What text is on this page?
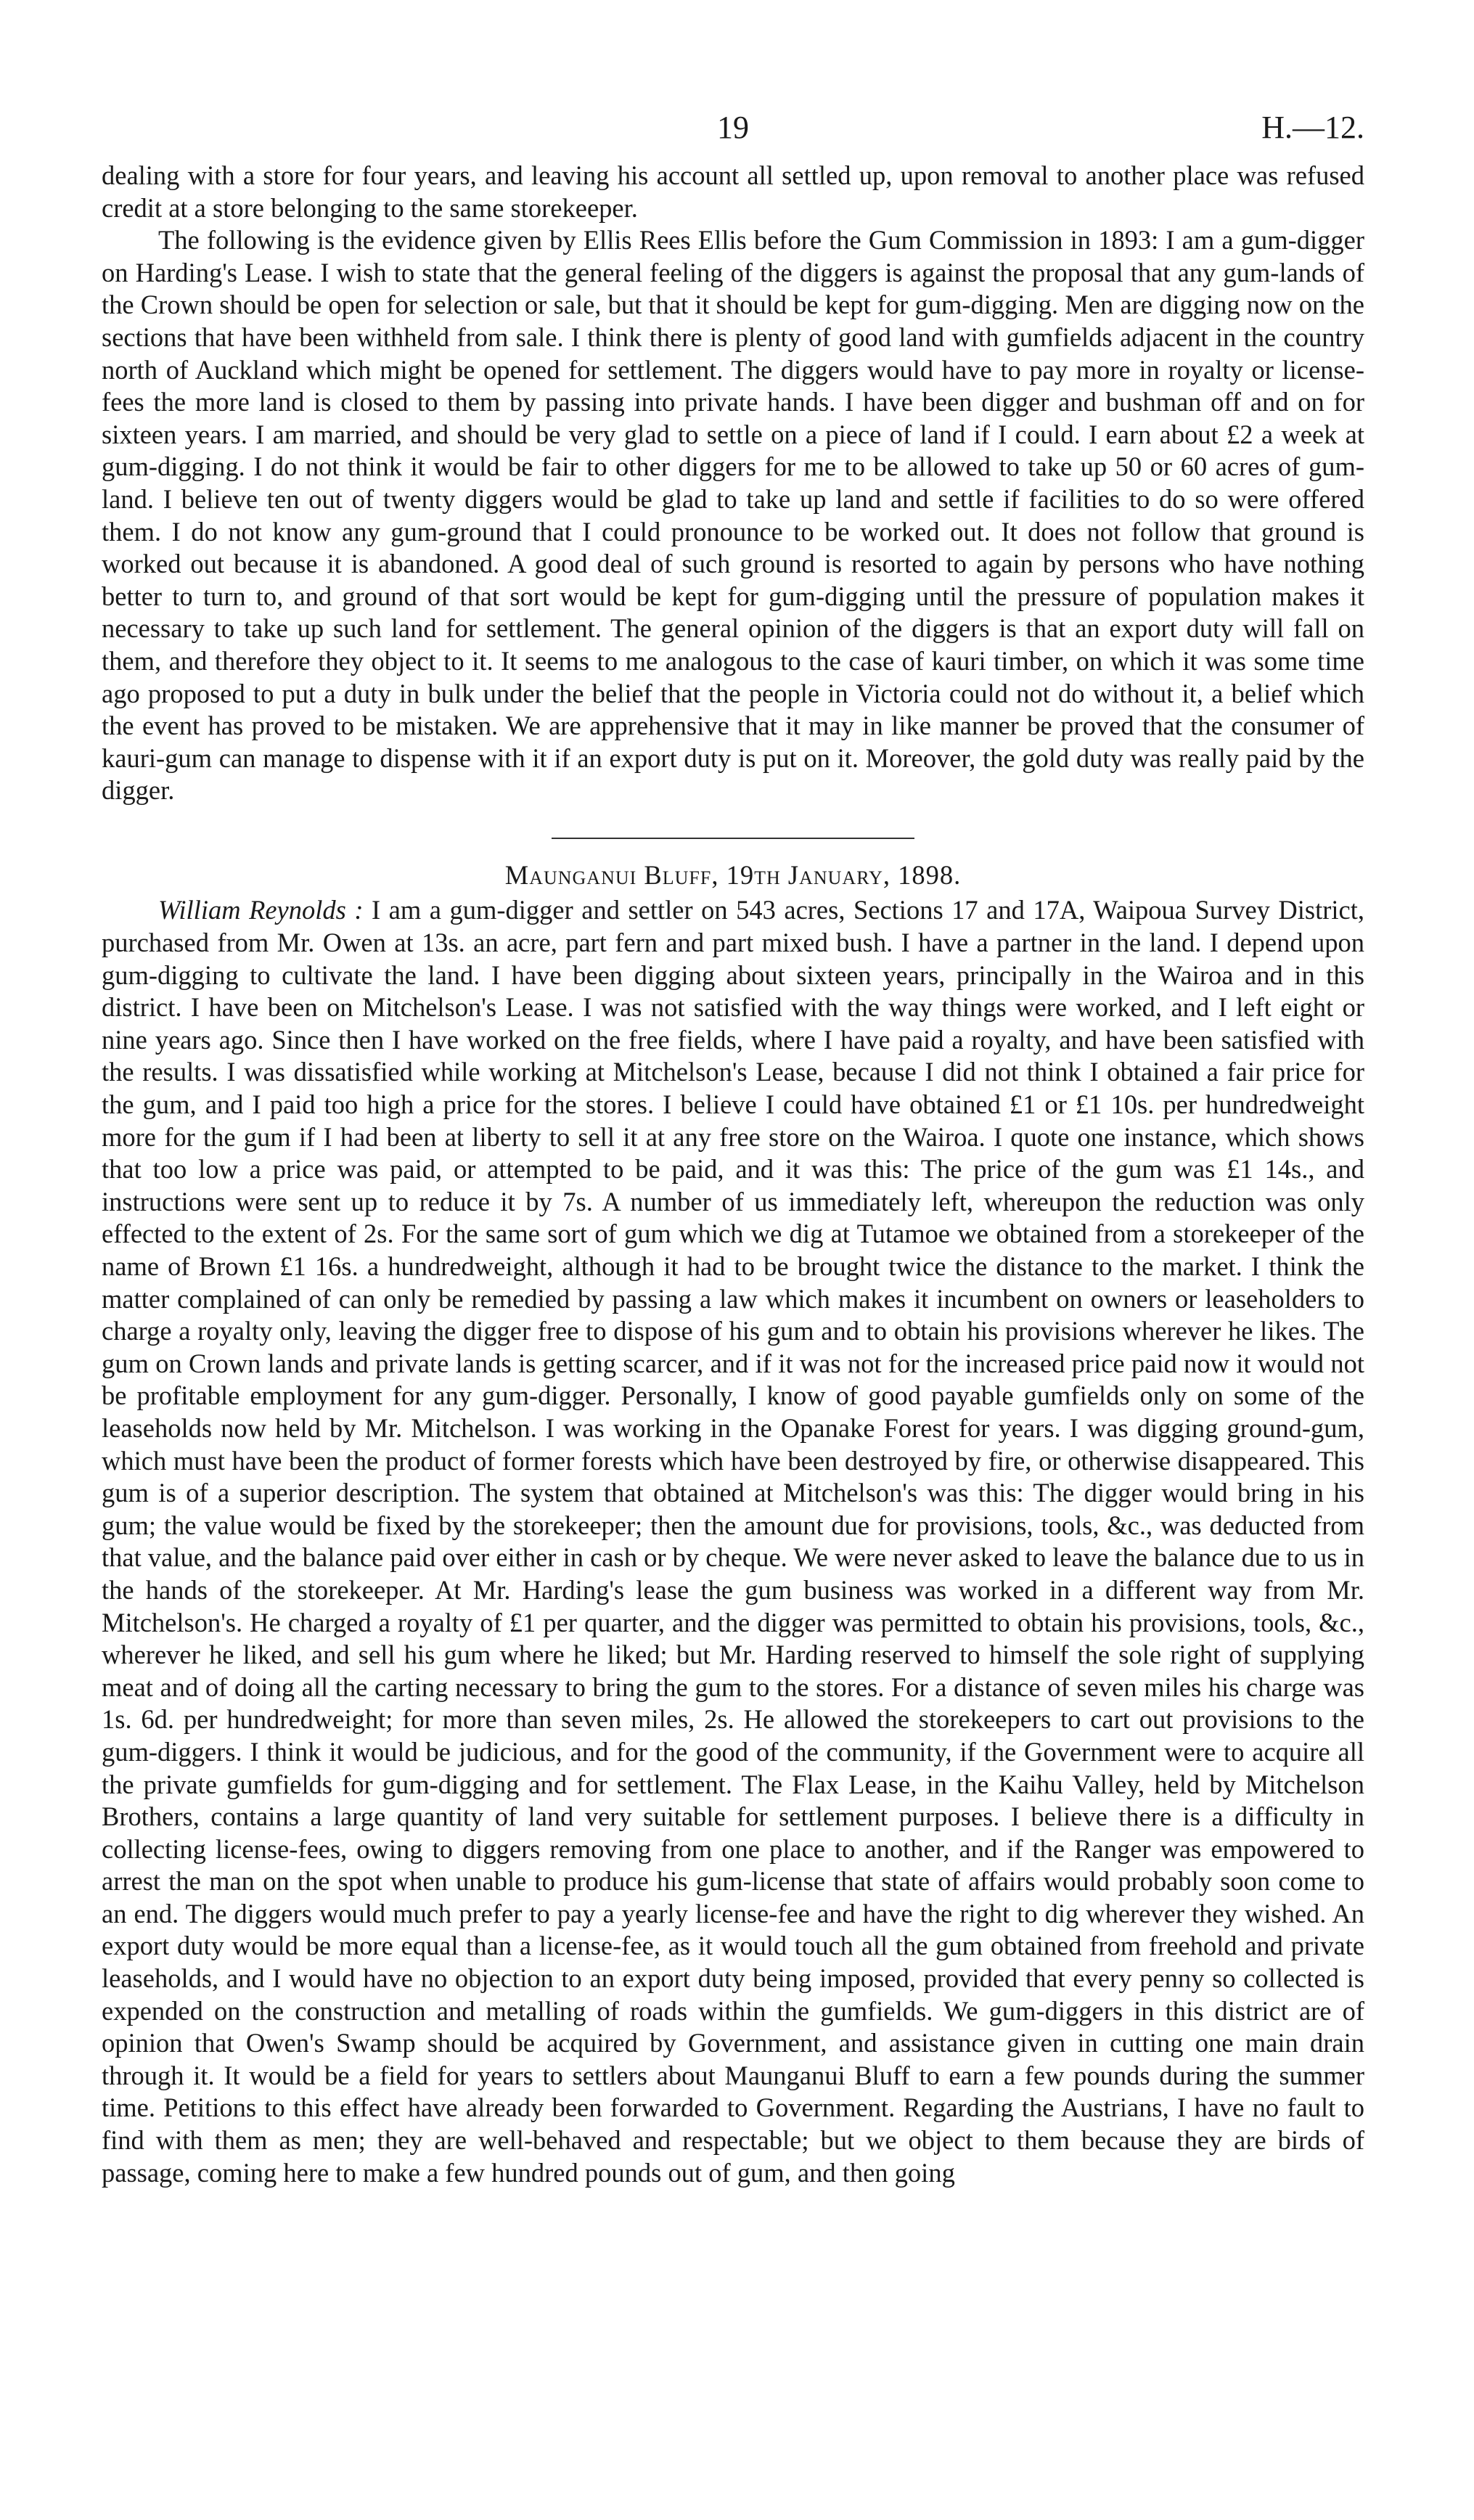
19	H.—12.

dealing with a store for four years, and leaving his account all settled up, upon removal to another place was refused credit at a store belonging to the same storekeeper.

The following is the evidence given by Ellis Rees Ellis before the Gum Commission in 1893: I am a gum-digger on Harding's Lease. I wish to state that the general feeling of the diggers is against the proposal that any gum-lands of the Crown should be open for selection or sale, but that it should be kept for gum-digging. Men are digging now on the sections that have been withheld from sale. I think there is plenty of good land with gumfields adjacent in the country north of Auckland which might be opened for settlement. The diggers would have to pay more in royalty or license-fees the more land is closed to them by passing into private hands. I have been digger and bushman off and on for sixteen years. I am married, and should be very glad to settle on a piece of land if I could. I earn about £2 a week at gum-digging. I do not think it would be fair to other diggers for me to be allowed to take up 50 or 60 acres of gum-land. I believe ten out of twenty diggers would be glad to take up land and settle if facilities to do so were offered them. I do not know any gum-ground that I could pronounce to be worked out. It does not follow that ground is worked out because it is abandoned. A good deal of such ground is resorted to again by persons who have nothing better to turn to, and ground of that sort would be kept for gum-digging until the pressure of population makes it necessary to take up such land for settlement. The general opinion of the diggers is that an export duty will fall on them, and therefore they object to it. It seems to me analogous to the case of kauri timber, on which it was some time ago proposed to put a duty in bulk under the belief that the people in Victoria could not do without it, a belief which the event has proved to be mistaken. We are apprehensive that it may in like manner be proved that the consumer of kauri-gum can manage to dispense with it if an export duty is put on it. Moreover, the gold duty was really paid by the digger.

Maunganui Bluff, 19th January, 1898.

William Reynolds : I am a gum-digger and settler on 543 acres, Sections 17 and 17A, Waipoua Survey District, purchased from Mr. Owen at 13s. an acre, part fern and part mixed bush. I have a partner in the land. I depend upon gum-digging to cultivate the land. I have been digging about sixteen years, principally in the Wairoa and in this district. I have been on Mitchelson's Lease. I was not satisfied with the way things were worked, and I left eight or nine years ago. Since then I have worked on the free fields, where I have paid a royalty, and have been satisfied with the results. I was dissatisfied while working at Mitchelson's Lease, because I did not think I obtained a fair price for the gum, and I paid too high a price for the stores. I believe I could have obtained £1 or £1 10s. per hundredweight more for the gum if I had been at liberty to sell it at any free store on the Wairoa. I quote one instance, which shows that too low a price was paid, or attempted to be paid, and it was this: The price of the gum was £1 14s., and instructions were sent up to reduce it by 7s. A number of us immediately left, whereupon the reduction was only effected to the extent of 2s. For the same sort of gum which we dig at Tutamoe we obtained from a storekeeper of the name of Brown £1 16s. a hundredweight, although it had to be brought twice the distance to the market. I think the matter complained of can only be remedied by passing a law which makes it incumbent on owners or leaseholders to charge a royalty only, leaving the digger free to dispose of his gum and to obtain his provisions wherever he likes. The gum on Crown lands and private lands is getting scarcer, and if it was not for the increased price paid now it would not be profitable employment for any gum-digger. Personally, I know of good payable gumfields only on some of the leaseholds now held by Mr. Mitchelson. I was working in the Opanake Forest for years. I was digging ground-gum, which must have been the product of former forests which have been destroyed by fire, or otherwise disappeared. This gum is of a superior description. The system that obtained at Mitchelson's was this: The digger would bring in his gum; the value would be fixed by the storekeeper; then the amount due for provisions, tools, &c., was deducted from that value, and the balance paid over either in cash or by cheque. We were never asked to leave the balance due to us in the hands of the storekeeper. At Mr. Harding's lease the gum business was worked in a different way from Mr. Mitchelson's. He charged a royalty of £1 per quarter, and the digger was permitted to obtain his provisions, tools, &c., wherever he liked, and sell his gum where he liked; but Mr. Harding reserved to himself the sole right of supplying meat and of doing all the carting necessary to bring the gum to the stores. For a distance of seven miles his charge was 1s. 6d. per hundredweight; for more than seven miles, 2s. He allowed the storekeepers to cart out provisions to the gum-diggers. I think it would be judicious, and for the good of the community, if the Government were to acquire all the private gumfields for gum-digging and for settlement. The Flax Lease, in the Kaihu Valley, held by Mitchelson Brothers, contains a large quantity of land very suitable for settlement purposes. I believe there is a difficulty in collecting license-fees, owing to diggers removing from one place to another, and if the Ranger was empowered to arrest the man on the spot when unable to produce his gum-license that state of affairs would probably soon come to an end. The diggers would much prefer to pay a yearly license-fee and have the right to dig wherever they wished. An export duty would be more equal than a license-fee, as it would touch all the gum obtained from freehold and private leaseholds, and I would have no objection to an export duty being imposed, provided that every penny so collected is expended on the construction and metalling of roads within the gumfields. We gum-diggers in this district are of opinion that Owen's Swamp should be acquired by Government, and assistance given in cutting one main drain through it. It would be a field for years to settlers about Maunganui Bluff to earn a few pounds during the summer time. Petitions to this effect have already been forwarded to Government. Regarding the Austrians, I have no fault to find with them as men; they are well-behaved and respectable; but we object to them because they are birds of passage, coming here to make a few hundred pounds out of gum, and then going
